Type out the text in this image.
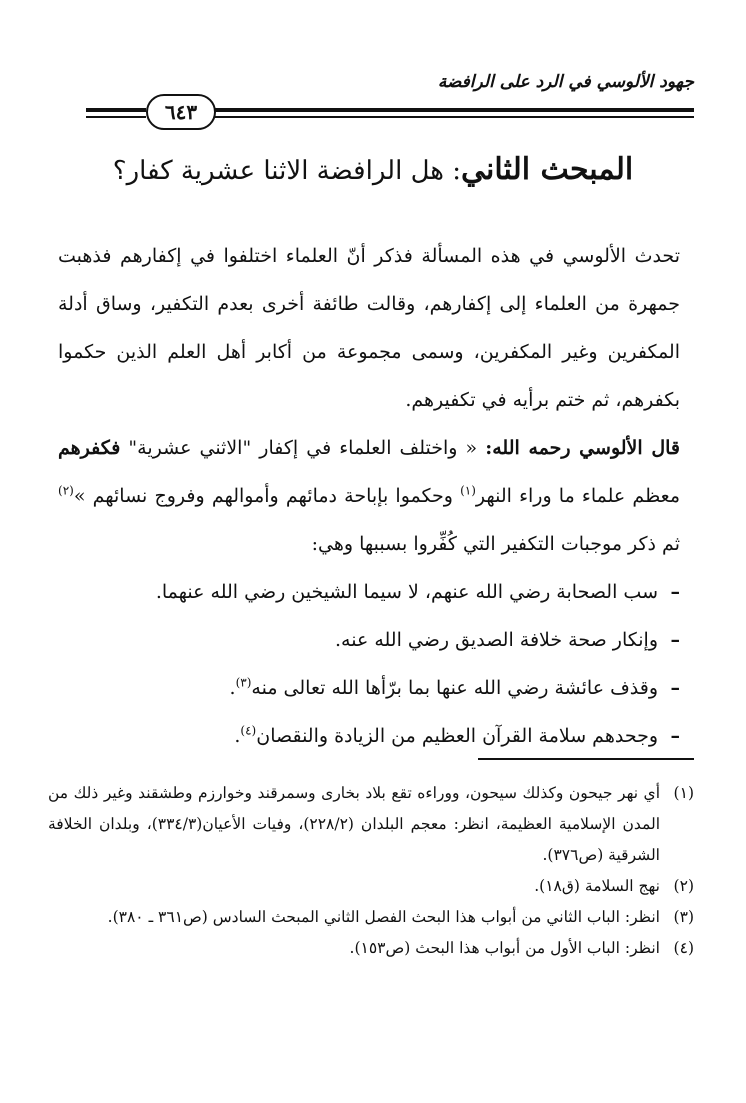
جهود الألوسي في الرد على الرافضة
٦٤٣
المبحث الثاني: هل الرافضة الاثنا عشرية كفار؟

تحدث الألوسي في هذه المسألة فذكر أنّ العلماء اختلفوا في إكفارهم فذهبت جمهرة من العلماء إلى إكفارهم، وقالت طائفة أخرى بعدم التكفير، وساق أدلة المكفرين وغير المكفرين، وسمى مجموعة من أكابر أهل العلم الذين حكموا بكفرهم، ثم ختم برأيه في تكفيرهم.

قال الألوسي رحمه الله: « واختلف العلماء في إكفار "الاثني عشرية" فكفرهم معظم علماء ما وراء النهر$^{(١)}$ وحكموا بإباحة دمائهم وأموالهم وفروج نسائهم »$^{(٢)}$ ثم ذكر موجبات التكفير التي كُفِّروا بسببها وهي:

– سب الصحابة رضي الله عنهم، لا سيما الشيخين رضي الله عنهما.
– وإنكار صحة خلافة الصديق رضي الله عنه.
– وقذف عائشة رضي الله عنها بما برّأها الله تعالى منه$^{(٣)}$.
– وجحدهم سلامة القرآن العظيم من الزيادة والنقصان$^{(٤)}$.

(١)
أي نهر جيحون وكذلك سيحون، ووراءه تقع بلاد بخارى وسمرقند وخوارزم وطشقند وغير ذلك من المدن الإسلامية العظيمة، انظر: معجم البلدان (٢٢٨/٢)، وفيات الأعيان(٣٣٤/٣)، وبلدان الخلافة الشرقية (ص٣٧٦).

(٢)
نهج السلامة (ق١٨).

(٣)
انظر: الباب الثاني من أبواب هذا البحث الفصل الثاني المبحث السادس (ص٣٦١ ـ ٣٨٠).

(٤)
انظر: الباب الأول من أبواب هذا البحث (ص١٥٣).
